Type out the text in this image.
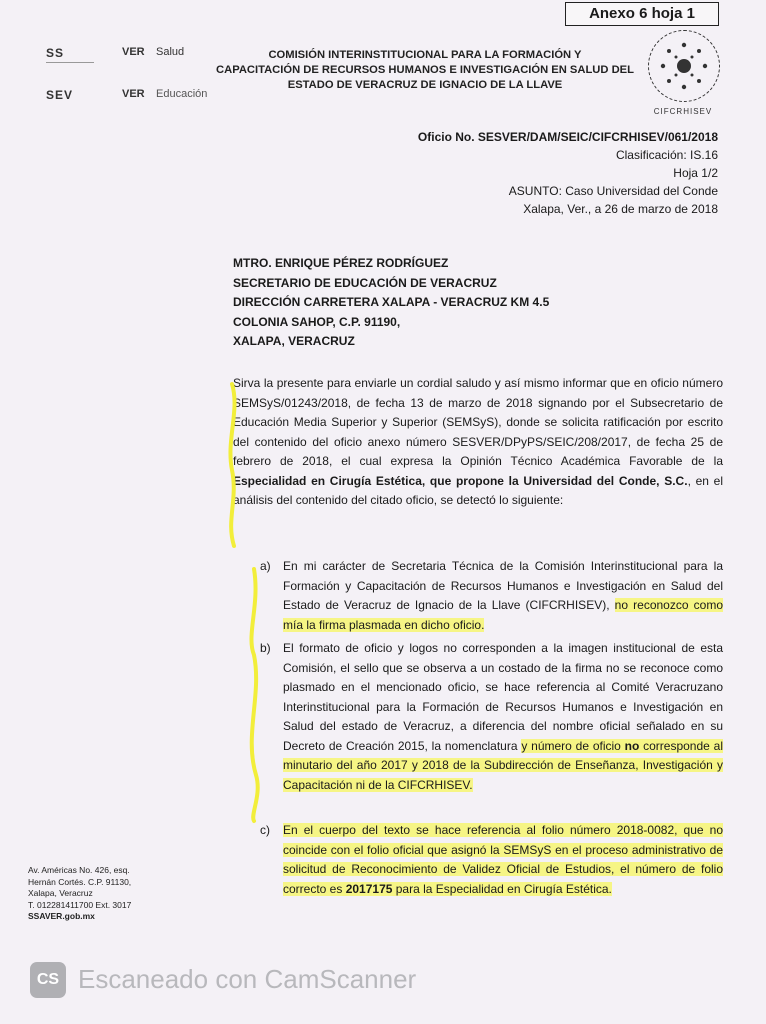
Anexo 6 hoja 1
SS	VER Salud
SEV	VER Educación
COMISIÓN INTERINSTITUCIONAL PARA LA FORMACIÓN Y
CAPACITACIÓN DE RECURSOS HUMANOS E INVESTIGACIÓN EN SALUD DEL
ESTADO DE VERACRUZ DE IGNACIO DE LA LLAVE
CIFCRHISEV
Oficio No. SESVER/DAM/SEIC/CIFCRHISEV/061/2018
Clasificación: IS.16
Hoja 1/2
ASUNTO: Caso Universidad del Conde
Xalapa, Ver., a 26 de marzo de 2018
MTRO. ENRIQUE PÉREZ RODRÍGUEZ
SECRETARIO DE EDUCACIÓN DE VERACRUZ
DIRECCIÓN CARRETERA XALAPA - VERACRUZ KM 4.5
COLONIA SAHOP, C.P. 91190,
XALAPA, VERACRUZ
Sirva la presente para enviarle un cordial saludo y así mismo informar que en oficio número SEMSyS/01243/2018, de fecha 13 de marzo de 2018 signando por el Subsecretario de Educación Media Superior y Superior (SEMSyS), donde se solicita ratificación por escrito del contenido del oficio anexo número SESVER/DPyPS/SEIC/208/2017, de fecha 25 de febrero de 2018, el cual expresa la Opinión Técnico Académica Favorable de la Especialidad en Cirugía Estética, que propone la Universidad del Conde, S.C., en el análisis del contenido del citado oficio, se detectó lo siguiente:
a)	En mi carácter de Secretaria Técnica de la Comisión Interinstitucional para la Formación y Capacitación de Recursos Humanos e Investigación en Salud del Estado de Veracruz de Ignacio de la Llave (CIFCRHISEV), no reconozco como mía la firma plasmada en dicho oficio.
b)	El formato de oficio y logos no corresponden a la imagen institucional de esta Comisión, el sello que se observa a un costado de la firma no se reconoce como plasmado en el mencionado oficio, se hace referencia al Comité Veracruzano Interinstitucional para la Formación de Recursos Humanos e Investigación en Salud del estado de Veracruz, a diferencia del nombre oficial señalado en su Decreto de Creación 2015, la nomenclatura y número de oficio no corresponde al minutario del año 2017 y 2018 de la Subdirección de Enseñanza, Investigación y Capacitación ni de la CIFCRHISEV.
c)	En el cuerpo del texto se hace referencia al folio número 2018-0082, que no coincide con el folio oficial que asignó la SEMSyS en el proceso administrativo de solicitud de Reconocimiento de Validez Oficial de Estudios, el número de folio correcto es 2017175 para la Especialidad en Cirugía Estética.
Av. Américas No. 426, esq.
Hernán Cortés. C.P. 91130,
Xalapa, Veracruz
T. 012281411700 Ext. 3017
SSAVER.gob.mx
CS Escaneado con CamScanner
